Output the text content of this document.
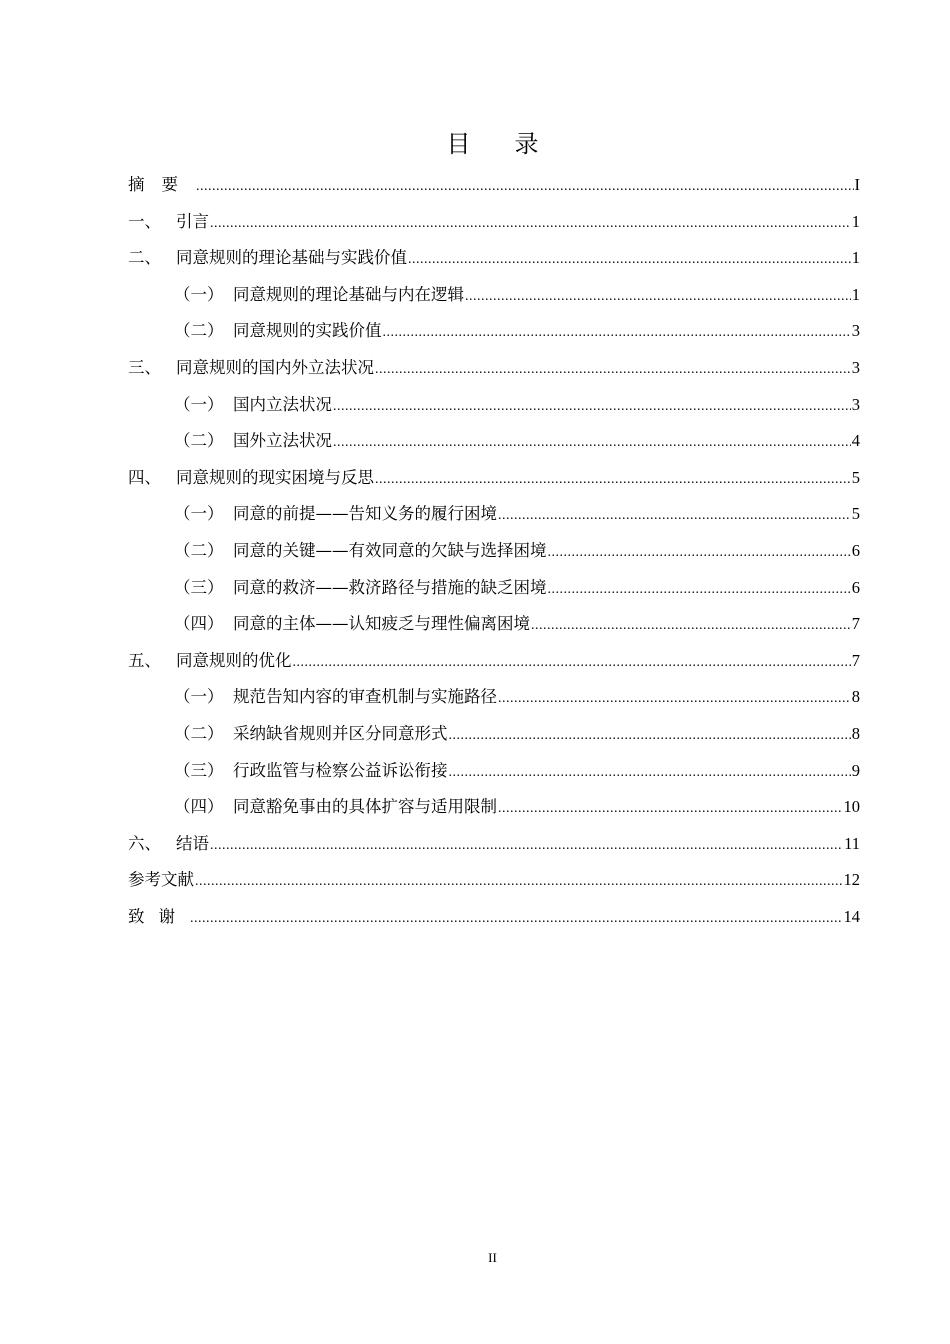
目 录
摘要 .....	I
一、 引言 .....	1
二、 同意规则的理论基础与实践价值 .....	1
（一） 同意规则的理论基础与内在逻辑 .....	1
（二） 同意规则的实践价值 .....	3
三、 同意规则的国内外立法状况 .....	3
（一） 国内立法状况 .....	3
（二） 国外立法状况 .....	4
四、 同意规则的现实困境与反思 .....	5
（一） 同意的前提——告知义务的履行困境 .....	5
（二） 同意的关键——有效同意的欠缺与选择困境 .....	6
（三） 同意的救济——救济路径与措施的缺乏困境 .....	6
（四） 同意的主体——认知疲乏与理性偏离困境 .....	7
五、 同意规则的优化 .....	7
（一） 规范告知内容的审查机制与实施路径 .....	8
（二） 采纳缺省规则并区分同意形式 .....	8
（三） 行政监管与检察公益诉讼衔接 .....	9
（四） 同意豁免事由的具体扩容与适用限制 .....	10
六、 结语 .....	11
参考文献 .....	12
致谢 .....	14
II
